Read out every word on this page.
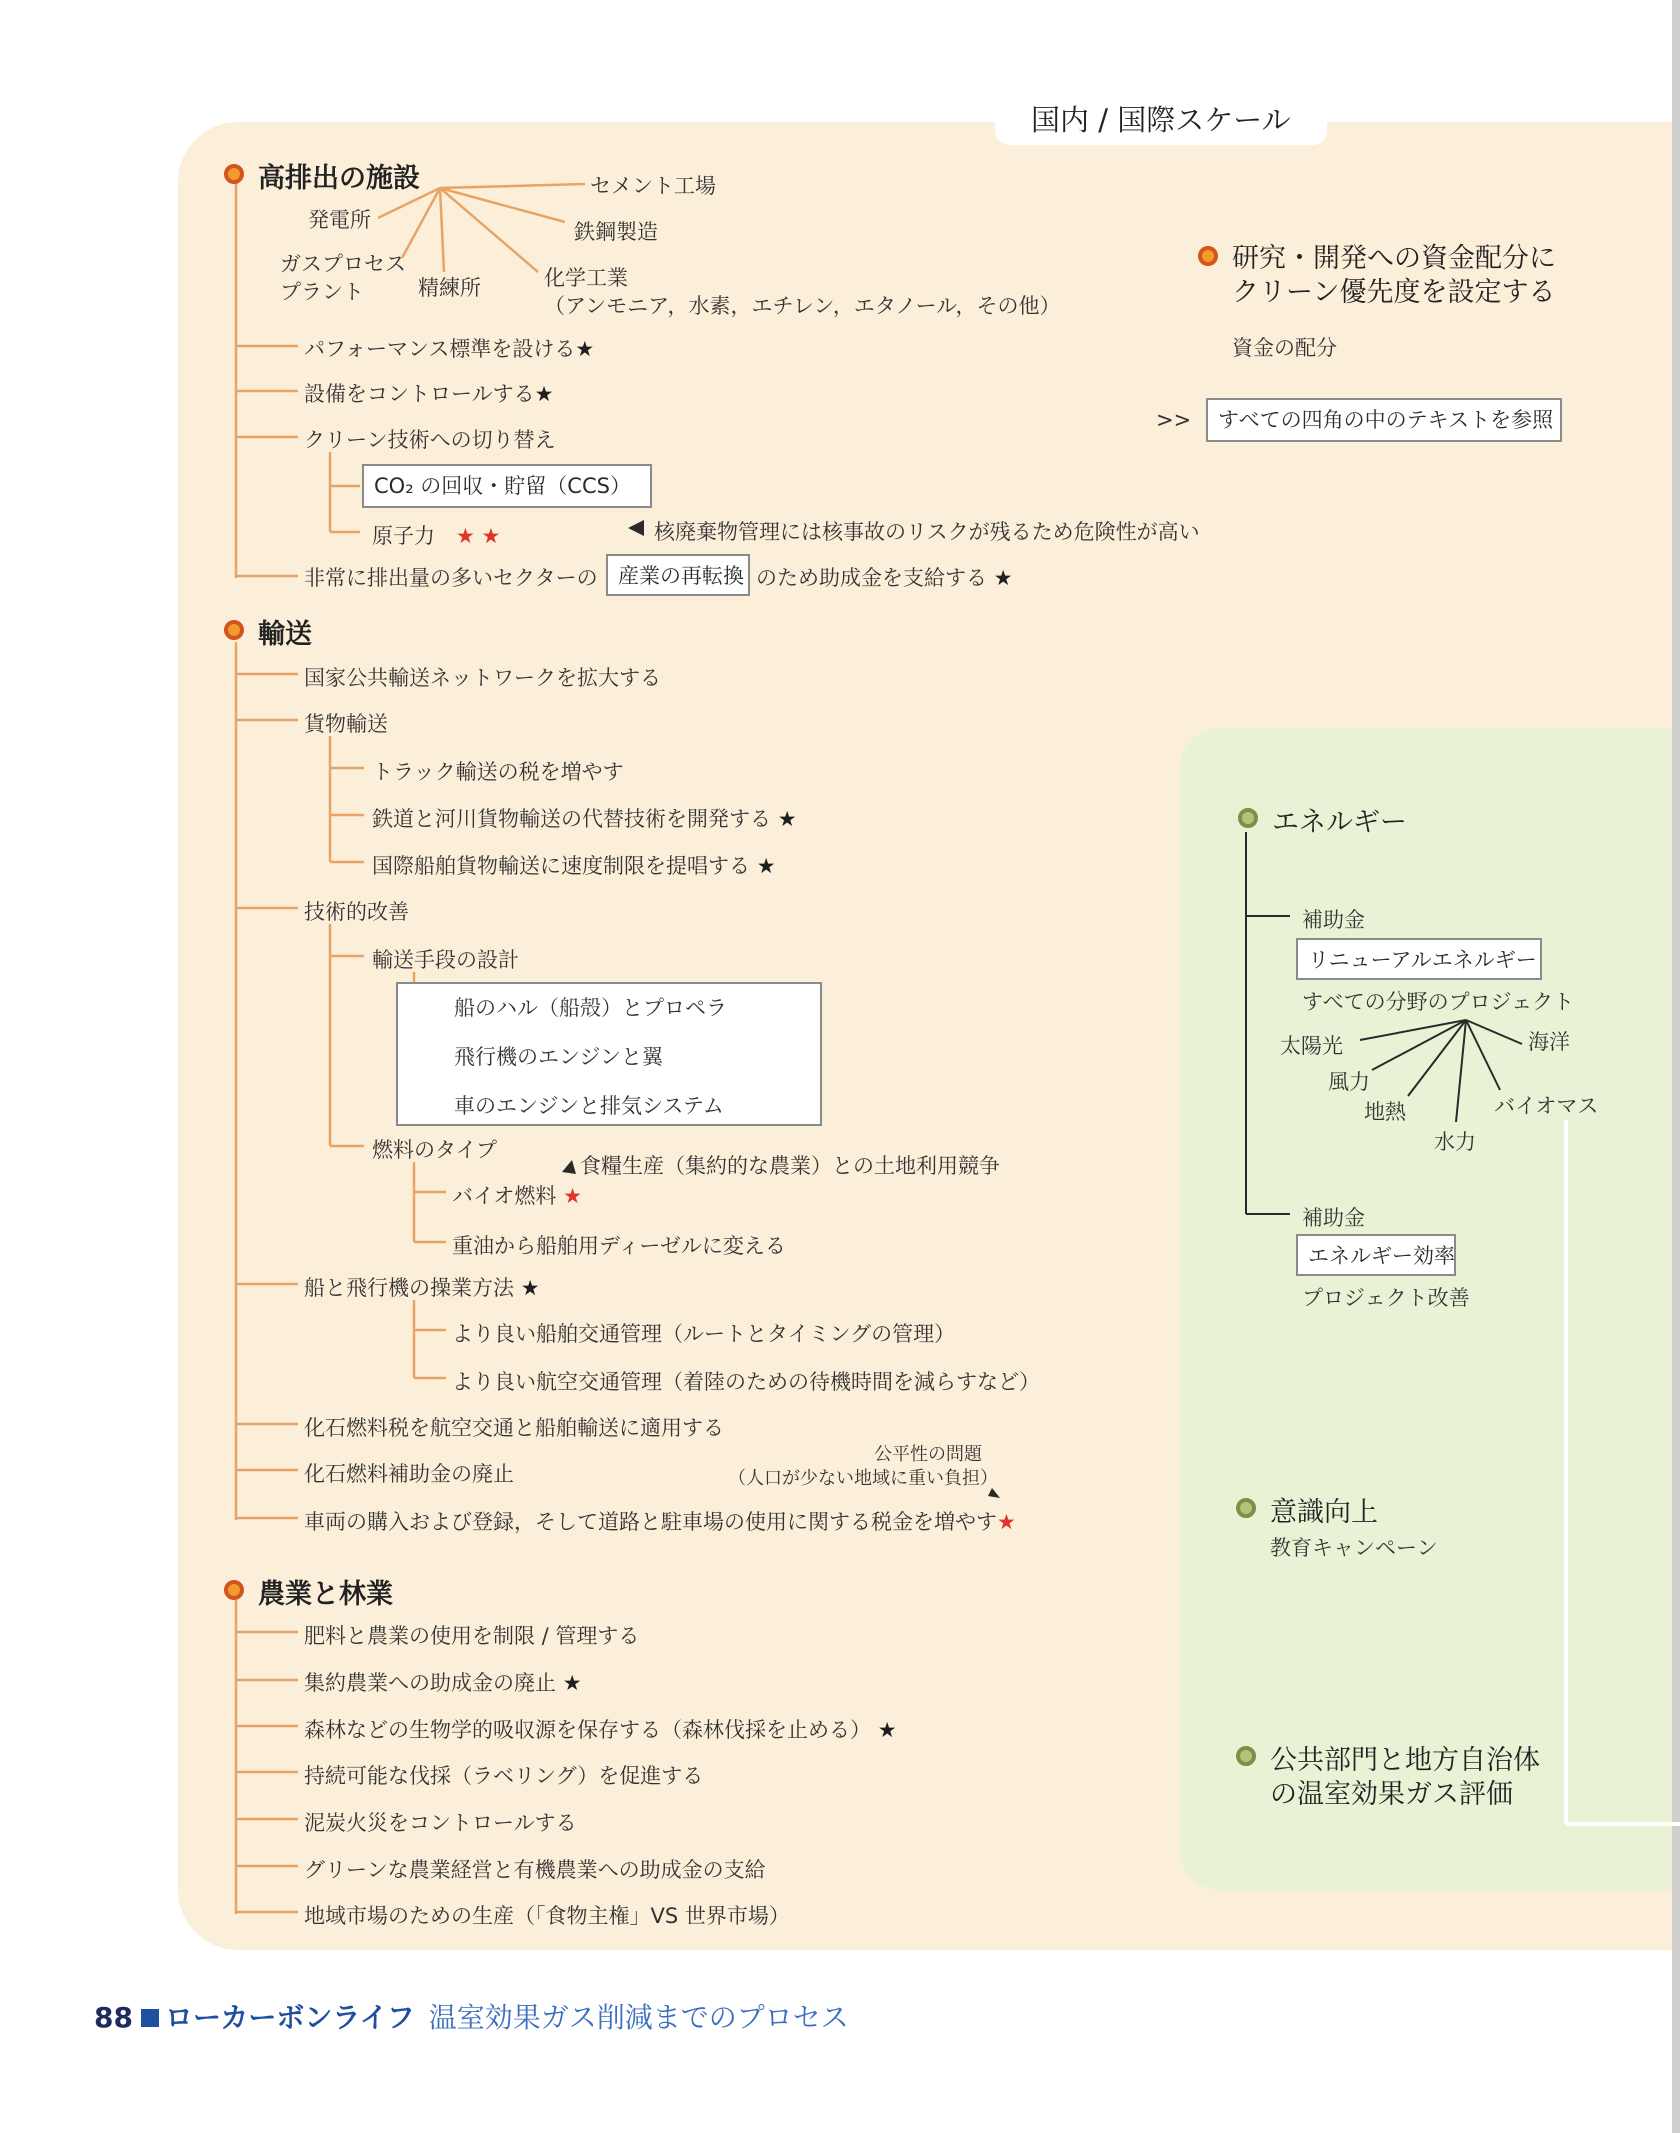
国内 / 国際スケール
高排出の施設	セメント工場
発電所	鉄鋼製造
ガスプロセス
プラント	精練所	化学工業
（アンモニア，水素，エチレン，エタノール，その他）
パフォーマンス標準を設ける★
設備をコントロールする★
クリーン技術への切り替え
CO₂ の回収・貯留（CCS）
原子力　 ★ ★	核廃棄物管理には核事故のリスクが残るため危険性が高い
非常に排出量の多いセクターの 産業の再転換 のため助成金を支給する ★
輸送
国家公共輸送ネットワークを拡大する
貨物輸送
トラック輸送の税を増やす
鉄道と河川貨物輸送の代替技術を開発する ★
国際船舶貨物輸送に速度制限を提唱する ★
技術的改善
輸送手段の設計
船のハル（船殻）とプロペラ
飛行機のエンジンと翼
車のエンジンと排気システム
燃料のタイプ
食糧生産（集約的な農業）との土地利用競争
バイオ燃料 ★
重油から船舶用ディーゼルに変える
船と飛行機の操業方法 ★
より良い船舶交通管理（ルートとタイミングの管理）
より良い航空交通管理（着陸のための待機時間を減らすなど）
化石燃料税を航空交通と船舶輸送に適用する
公平性の問題
（人口が少ない地域に重い負担）
化石燃料補助金の廃止
車両の購入および登録，そして道路と駐車場の使用に関する税金を増やす★
農業と林業
肥料と農業の使用を制限 / 管理する
集約農業への助成金の廃止 ★
森林などの生物学的吸収源を保存する（森林伐採を止める） ★
持続可能な伐採（ラベリング）を促進する
泥炭火災をコントロールする
グリーンな農業経営と有機農業への助成金の支給
地域市場のための生産（「食物主権」VS 世界市場）
研究・開発への資金配分に
クリーン優先度を設定する
資金の配分
>>	すべての四角の中のテキストを参照
エネルギー
補助金
リニューアルエネルギー
すべての分野のプロジェクト
太陽光	海洋
風力
地熱	バイオマス
水力
補助金
エネルギー効率
プロジェクト改善
意識向上
教育キャンペーン
公共部門と地方自治体
の温室効果ガス評価
88 ローカーボンライフ 温室効果ガス削減までのプロセス
